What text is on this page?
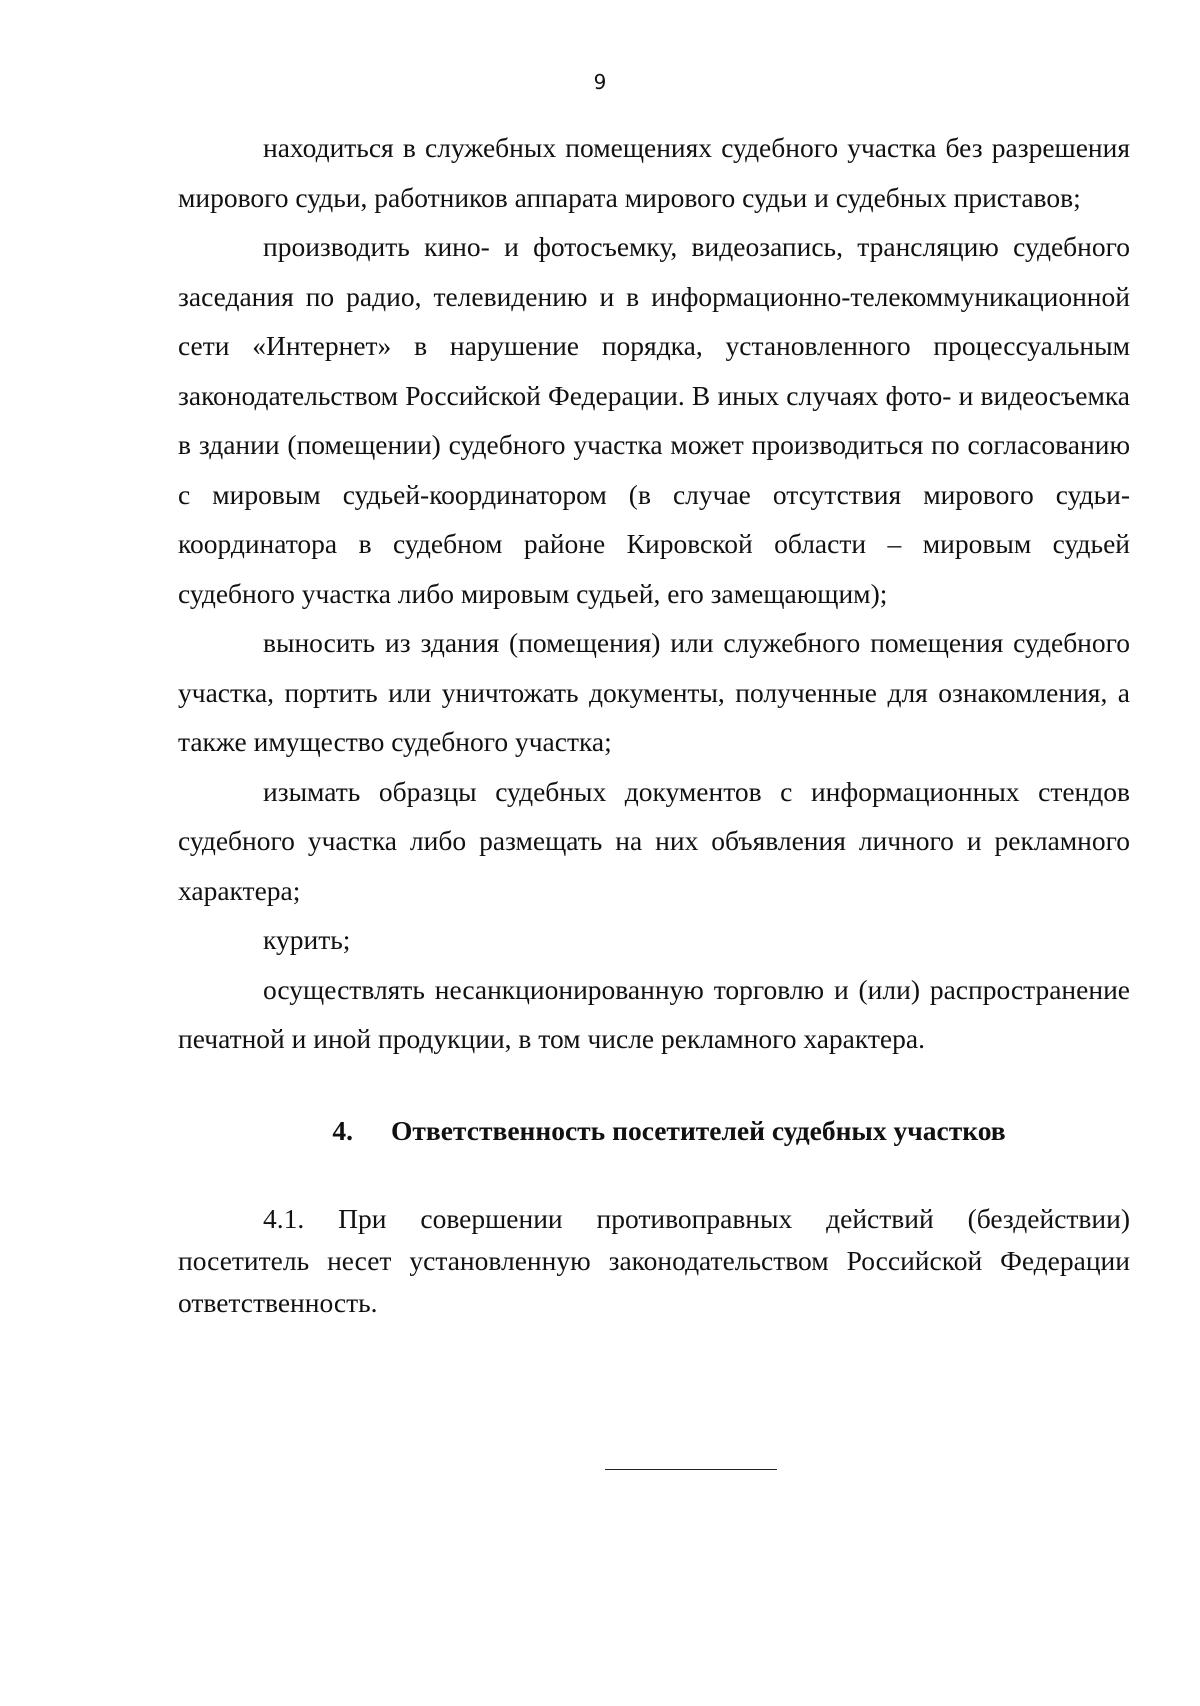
9

находиться в служебных помещениях судебного участка без разрешения мирового судьи, работников аппарата мирового судьи и судебных приставов;

производить кино- и фотосъемку, видеозапись, трансляцию судебного заседания по радио, телевидению и в информационно-телекоммуникационной сети «Интернет» в нарушение порядка, установленного процессуальным законодательством Российской Федерации. В иных случаях фото- и видеосъемка в здании (помещении) судебного участка может производиться по согласованию с мировым судьей-координатором (в случае отсутствия мирового судьи-координатора в судебном районе Кировской области – мировым судьей судебного участка либо мировым судьей, его замещающим);

выносить из здания (помещения) или служебного помещения судебного участка, портить или уничтожать документы, полученные для ознакомления, а также имущество судебного участка;

изымать образцы судебных документов с информационных стендов судебного участка либо размещать на них объявления личного и рекламного характера;

курить;

осуществлять несанкционированную торговлю и (или) распространение печатной и иной продукции, в том числе рекламного характера.

4. Ответственность посетителей судебных участков

4.1. При совершении противоправных действий (бездействии) посетитель несет установленную законодательством Российской Федерации ответственность.
